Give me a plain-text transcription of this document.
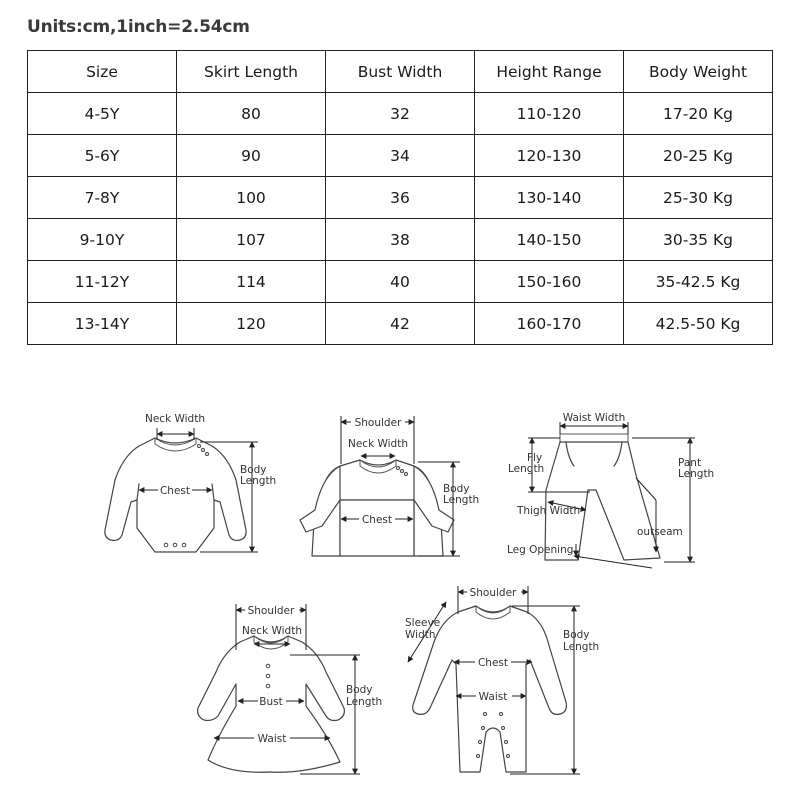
Units:cm,1inch=2.54cm
Size	Skirt Length	Bust Width	Height Range	Body Weight
4-5Y	80	32	110-120	17-20 Kg
5-6Y	90	34	120-130	20-25 Kg
7-8Y	100	36	130-140	25-30 Kg
9-10Y	107	38	140-150	30-35 Kg
11-12Y	114	40	150-160	35-42.5 Kg
13-14Y	120	42	160-170	42.5-50 Kg
Neck Width
Chest
Body
Length
Shoulder
Neck Width
Chest
Body
Length
Waist Width
Fly
Length	Pant
Length
Thigh Width
outseam
Leg Opening
Shoulder
Neck Width
Bust
Waist
Body
Length
Shoulder
Sleeve
Width
Chest
Waist
Body
Length
